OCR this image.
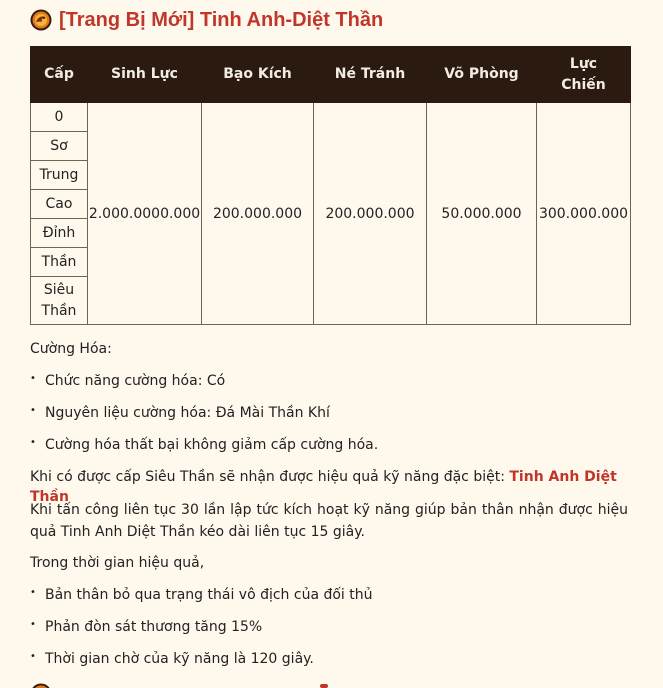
[Trang Bị Mới] Tinh Anh-Diệt Thần
Cấp	Sinh Lực	Bạo Kích	Né Tránh	Võ Phòng	Lực Chiến
0	2.000.0000.000	200.000.000	200.000.000	50.000.000	300.000.000
Sơ					
Trung					
Cao					
Đỉnh					
Thần					
Siêu Thần					

Cường Hóa:

• Chức năng cường hóa: Có
• Nguyên liệu cường hóa: Đá Mài Thần Khí
• Cường hóa thất bại không giảm cấp cường hóa.

Khi có được cấp Siêu Thần sẽ nhận được hiệu quả kỹ năng đặc biệt: Tinh Anh Diệt Thần

Khi tấn công liên tục 30 lần lập tức kích hoạt kỹ năng giúp bản thân nhận được hiệu quả Tinh Anh Diệt Thần kéo dài liên tục 15 giây.

Trong thời gian hiệu quả,

• Bản thân bỏ qua trạng thái vô địch của đối thủ
• Phản đòn sát thương tăng 15%
• Thời gian chờ của kỹ năng là 120 giây.
